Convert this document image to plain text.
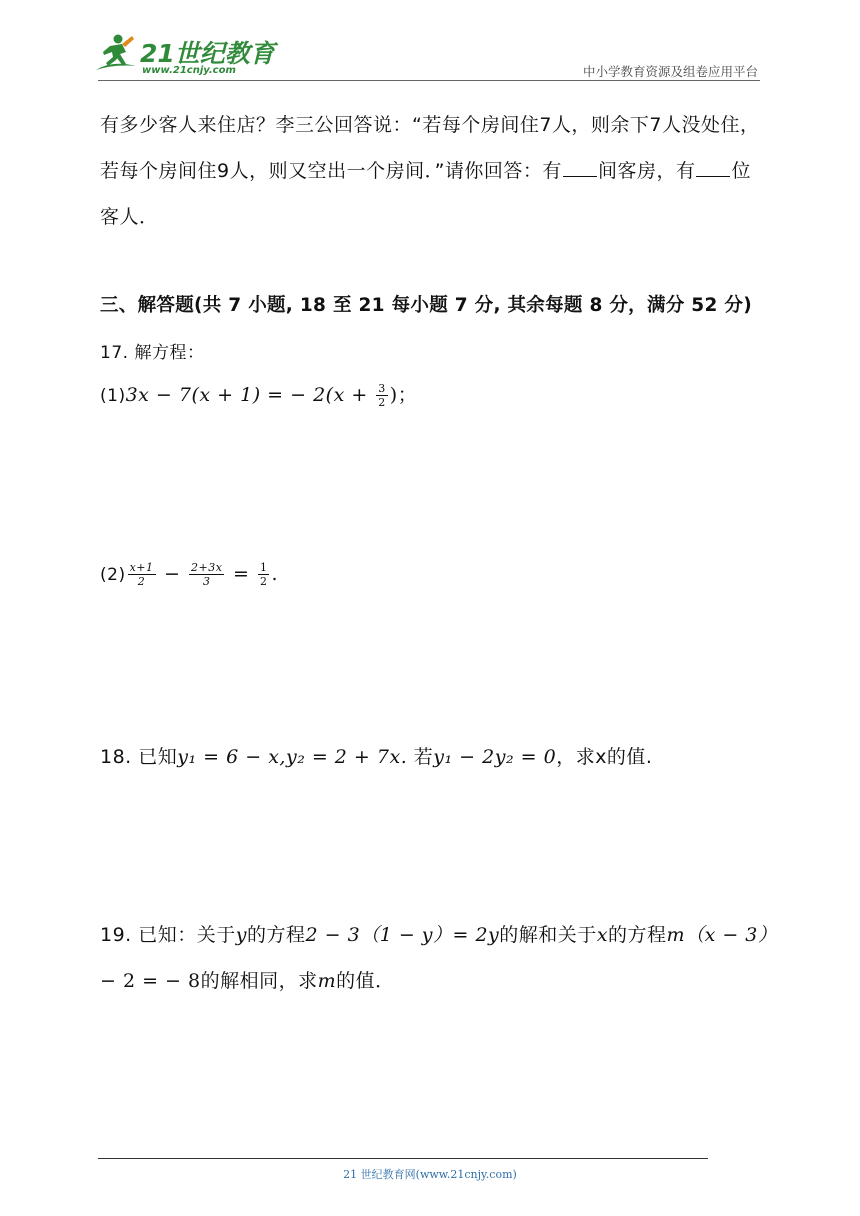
21世纪教育
www.21cnjy.com	中小学教育资源及组卷应用平台
有多少客人来住店？李三公回答说：“若每个房间住7人，则余下7人没处住，
若每个房间住9人，则又空出一个房间．”请你回答：有 间客房，有 位
客人．
三、解答题(共 7 小题, 18 至 21 每小题 7 分, 其余每题 8 分，满分 52 分)
17. 解方程：
(1)3x − 7(x + 1) = − $2(x + \frac{3}{2}$ )；
$(2) \frac{x+1}{2} - \frac{2+3x}{3} = \frac{1}{2}$ .
18. 已知y₁ = 6 − x,y₂ = 2 + 7x. 若y₁ − 2y₂ = 0，求x的值.
19. 已知：关于y的方程2 − 3（1 − y）= 2y的解和关于x的方程m（x − 3）
− 2 = − 8的解相同，求m的值．
21 世纪教育网(www.21cnjy.com)
